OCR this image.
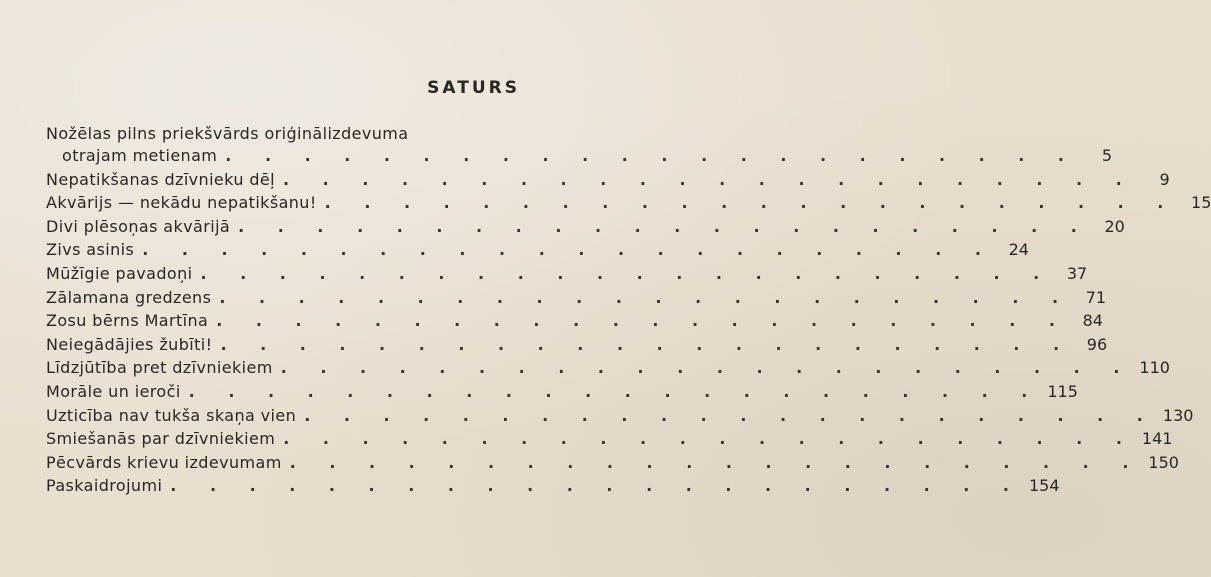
SATURS
Nožēlas pilns priekšvārds oriģinālizdevuma
otrajam metienam . . . . . . . . . . . . . . . . . . . . . .	5
Nepatikšanas dzīvnieku dēļ . . . . . . . . . . . . . . . . . . . . . .	9
Akvārijs — nekādu nepatikšanu! . . . . . . . . . . . . . . . . . . . . . . 15
Divi plēsoņas akvārijā . . . . . . . . . . . . . . . . . . . . . . 20
Zivs asinis . . . . . . . . . . . . . . . . . . . . . . 24
Mūžīgie pavadoņi . . . . . . . . . . . . . . . . . . . . . . 37
Zālamana gredzens . . . . . . . . . . . . . . . . . . . . . . 71
Zosu bērns Martīna . . . . . . . . . . . . . . . . . . . . . . 84
Neiegādājies žubīti! . . . . . . . . . . . . . . . . . . . . . . 96
Līdzjūtība pret dzīvniekiem . . . . . . . . . . . . . . . . . . . . . . 110
Morāle un ieroči . . . . . . . . . . . . . . . . . . . . . . 115
Uzticība nav tukša skaņa vien . . . . . . . . . . . . . . . . . . . . . . 130
Smiešanās par dzīvniekiem . . . . . . . . . . . . . . . . . . . . . . 141
Pēcvārds krievu izdevumam . . . . . . . . . . . . . . . . . . . . . . 150
Paskaidrojumi . . . . . . . . . . . . . . . . . . . . . . 154
